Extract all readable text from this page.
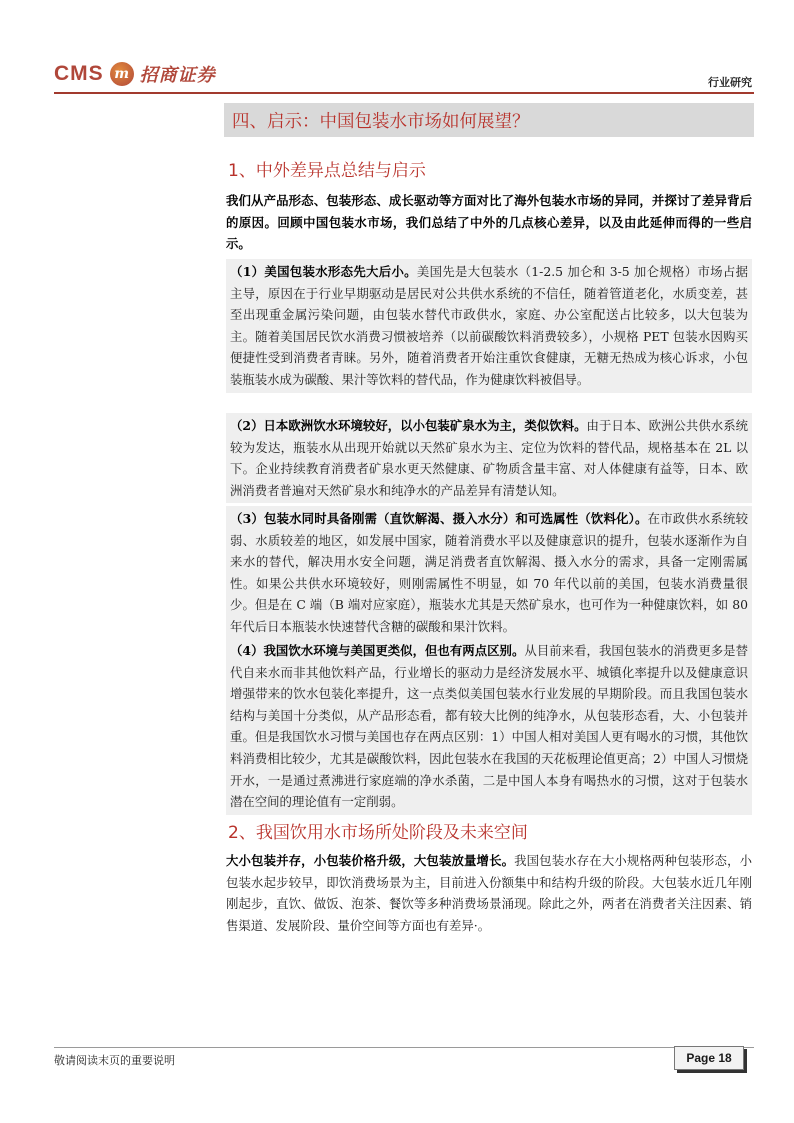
CMS m 招商证券	行业研究
四、启示：中国包装水市场如何展望？
1、中外差异点总结与启示
我们从产品形态、包装形态、成长驱动等方面对比了海外包装水市场的异同，并探讨了差异背后的原因。回顾中国包装水市场，我们总结了中外的几点核心差异，以及由此延伸而得的一些启示。
（1）美国包装水形态先大后小。美国先是大包装水（1-2.5 加仑和 3-5 加仑规格）市场占据主导，原因在于行业早期驱动是居民对公共供水系统的不信任，随着管道老化，水质变差，甚至出现重金属污染问题，由包装水替代市政供水，家庭、办公室配送占比较多，以大包装为主。随着美国居民饮水消费习惯被培养（以前碳酸饮料消费较多），小规格 PET 包装水因购买便捷性受到消费者青睐。另外，随着消费者开始注重饮食健康，无糖无热成为核心诉求，小包装瓶装水成为碳酸、果汁等饮料的替代品，作为健康饮料被倡导。
（2）日本欧洲饮水环境较好，以小包装矿泉水为主，类似饮料。由于日本、欧洲公共供水系统较为发达，瓶装水从出现开始就以天然矿泉水为主、定位为饮料的替代品，规格基本在 2L 以下。企业持续教育消费者矿泉水更天然健康、矿物质含量丰富、对人体健康有益等，日本、欧洲消费者普遍对天然矿泉水和纯净水的产品差异有清楚认知。
（3）包装水同时具备刚需（直饮解渴、摄入水分）和可选属性（饮料化）。在市政供水系统较弱、水质较差的地区，如发展中国家，随着消费水平以及健康意识的提升，包装水逐渐作为自来水的替代，解决用水安全问题，满足消费者直饮解渴、摄入水分的需求，具备一定刚需属性。如果公共供水环境较好，则刚需属性不明显，如 70 年代以前的美国，包装水消费量很少。但是在 C 端（B 端对应家庭），瓶装水尤其是天然矿泉水，也可作为一种健康饮料，如 80 年代后日本瓶装水快速替代含糖的碳酸和果汁饮料。
（4）我国饮水环境与美国更类似，但也有两点区别。从目前来看，我国包装水的消费更多是替代自来水而非其他饮料产品，行业增长的驱动力是经济发展水平、城镇化率提升以及健康意识增强带来的饮水包装化率提升，这一点类似美国包装水行业发展的早期阶段。而且我国包装水结构与美国十分类似，从产品形态看，都有较大比例的纯净水，从包装形态看，大、小包装并重。但是我国饮水习惯与美国也存在两点区别：1）中国人相对美国人更有喝水的习惯，其他饮料消费相比较少，尤其是碳酸饮料，因此包装水在我国的天花板理论值更高；2）中国人习惯烧开水，一是通过煮沸进行家庭端的净水杀菌，二是中国人本身有喝热水的习惯，这对于包装水潜在空间的理论值有一定削弱。
2、我国饮用水市场所处阶段及未来空间
大小包装并存，小包装价格升级，大包装放量增长。我国包装水存在大小规格两种包装形态，小包装水起步较早，即饮消费场景为主，目前进入份额集中和结构升级的阶段。大包装水近几年刚刚起步，直饮、做饭、泡茶、餐饮等多种消费场景涌现。除此之外，两者在消费者关注因素、销售渠道、发展阶段、量价空间等方面也有差异·。
敬请阅读末页的重要说明	Page 18
